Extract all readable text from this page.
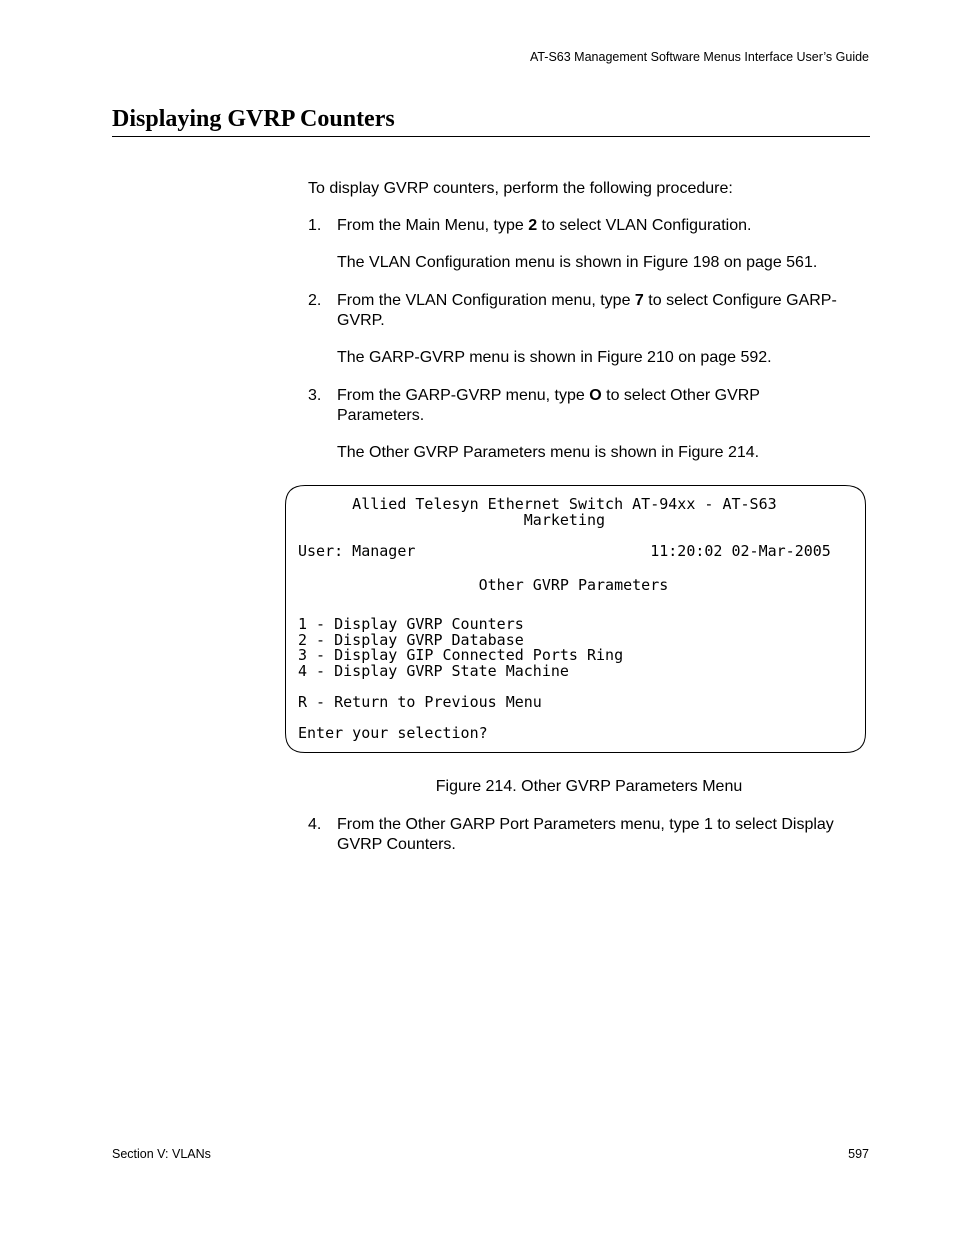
AT-S63 Management Software Menus Interface User’s Guide
Displaying GVRP Counters
To display GVRP counters, perform the following procedure:
1. From the Main Menu, type 2 to select VLAN Configuration.
The VLAN Configuration menu is shown in Figure 198 on page 561.
2. From the VLAN Configuration menu, type 7 to select Configure GARP-
GVRP.
The GARP-GVRP menu is shown in Figure 210 on page 592.
3. From the GARP-GVRP menu, type O to select Other GVRP
Parameters.
The Other GVRP Parameters menu is shown in Figure 214.
Allied Telesyn Ethernet Switch AT-94xx - AT-S63
Marketing
User: Manager                          11:20:02 02-Mar-2005
Other GVRP Parameters
1 - Display GVRP Counters
2 - Display GVRP Database
3 - Display GIP Connected Ports Ring
4 - Display GVRP State Machine
R - Return to Previous Menu
Enter your selection?
Figure 214. Other GVRP Parameters Menu
4. From the Other GARP Port Parameters menu, type 1 to select Display
GVRP Counters.
Section V: VLANs	597
